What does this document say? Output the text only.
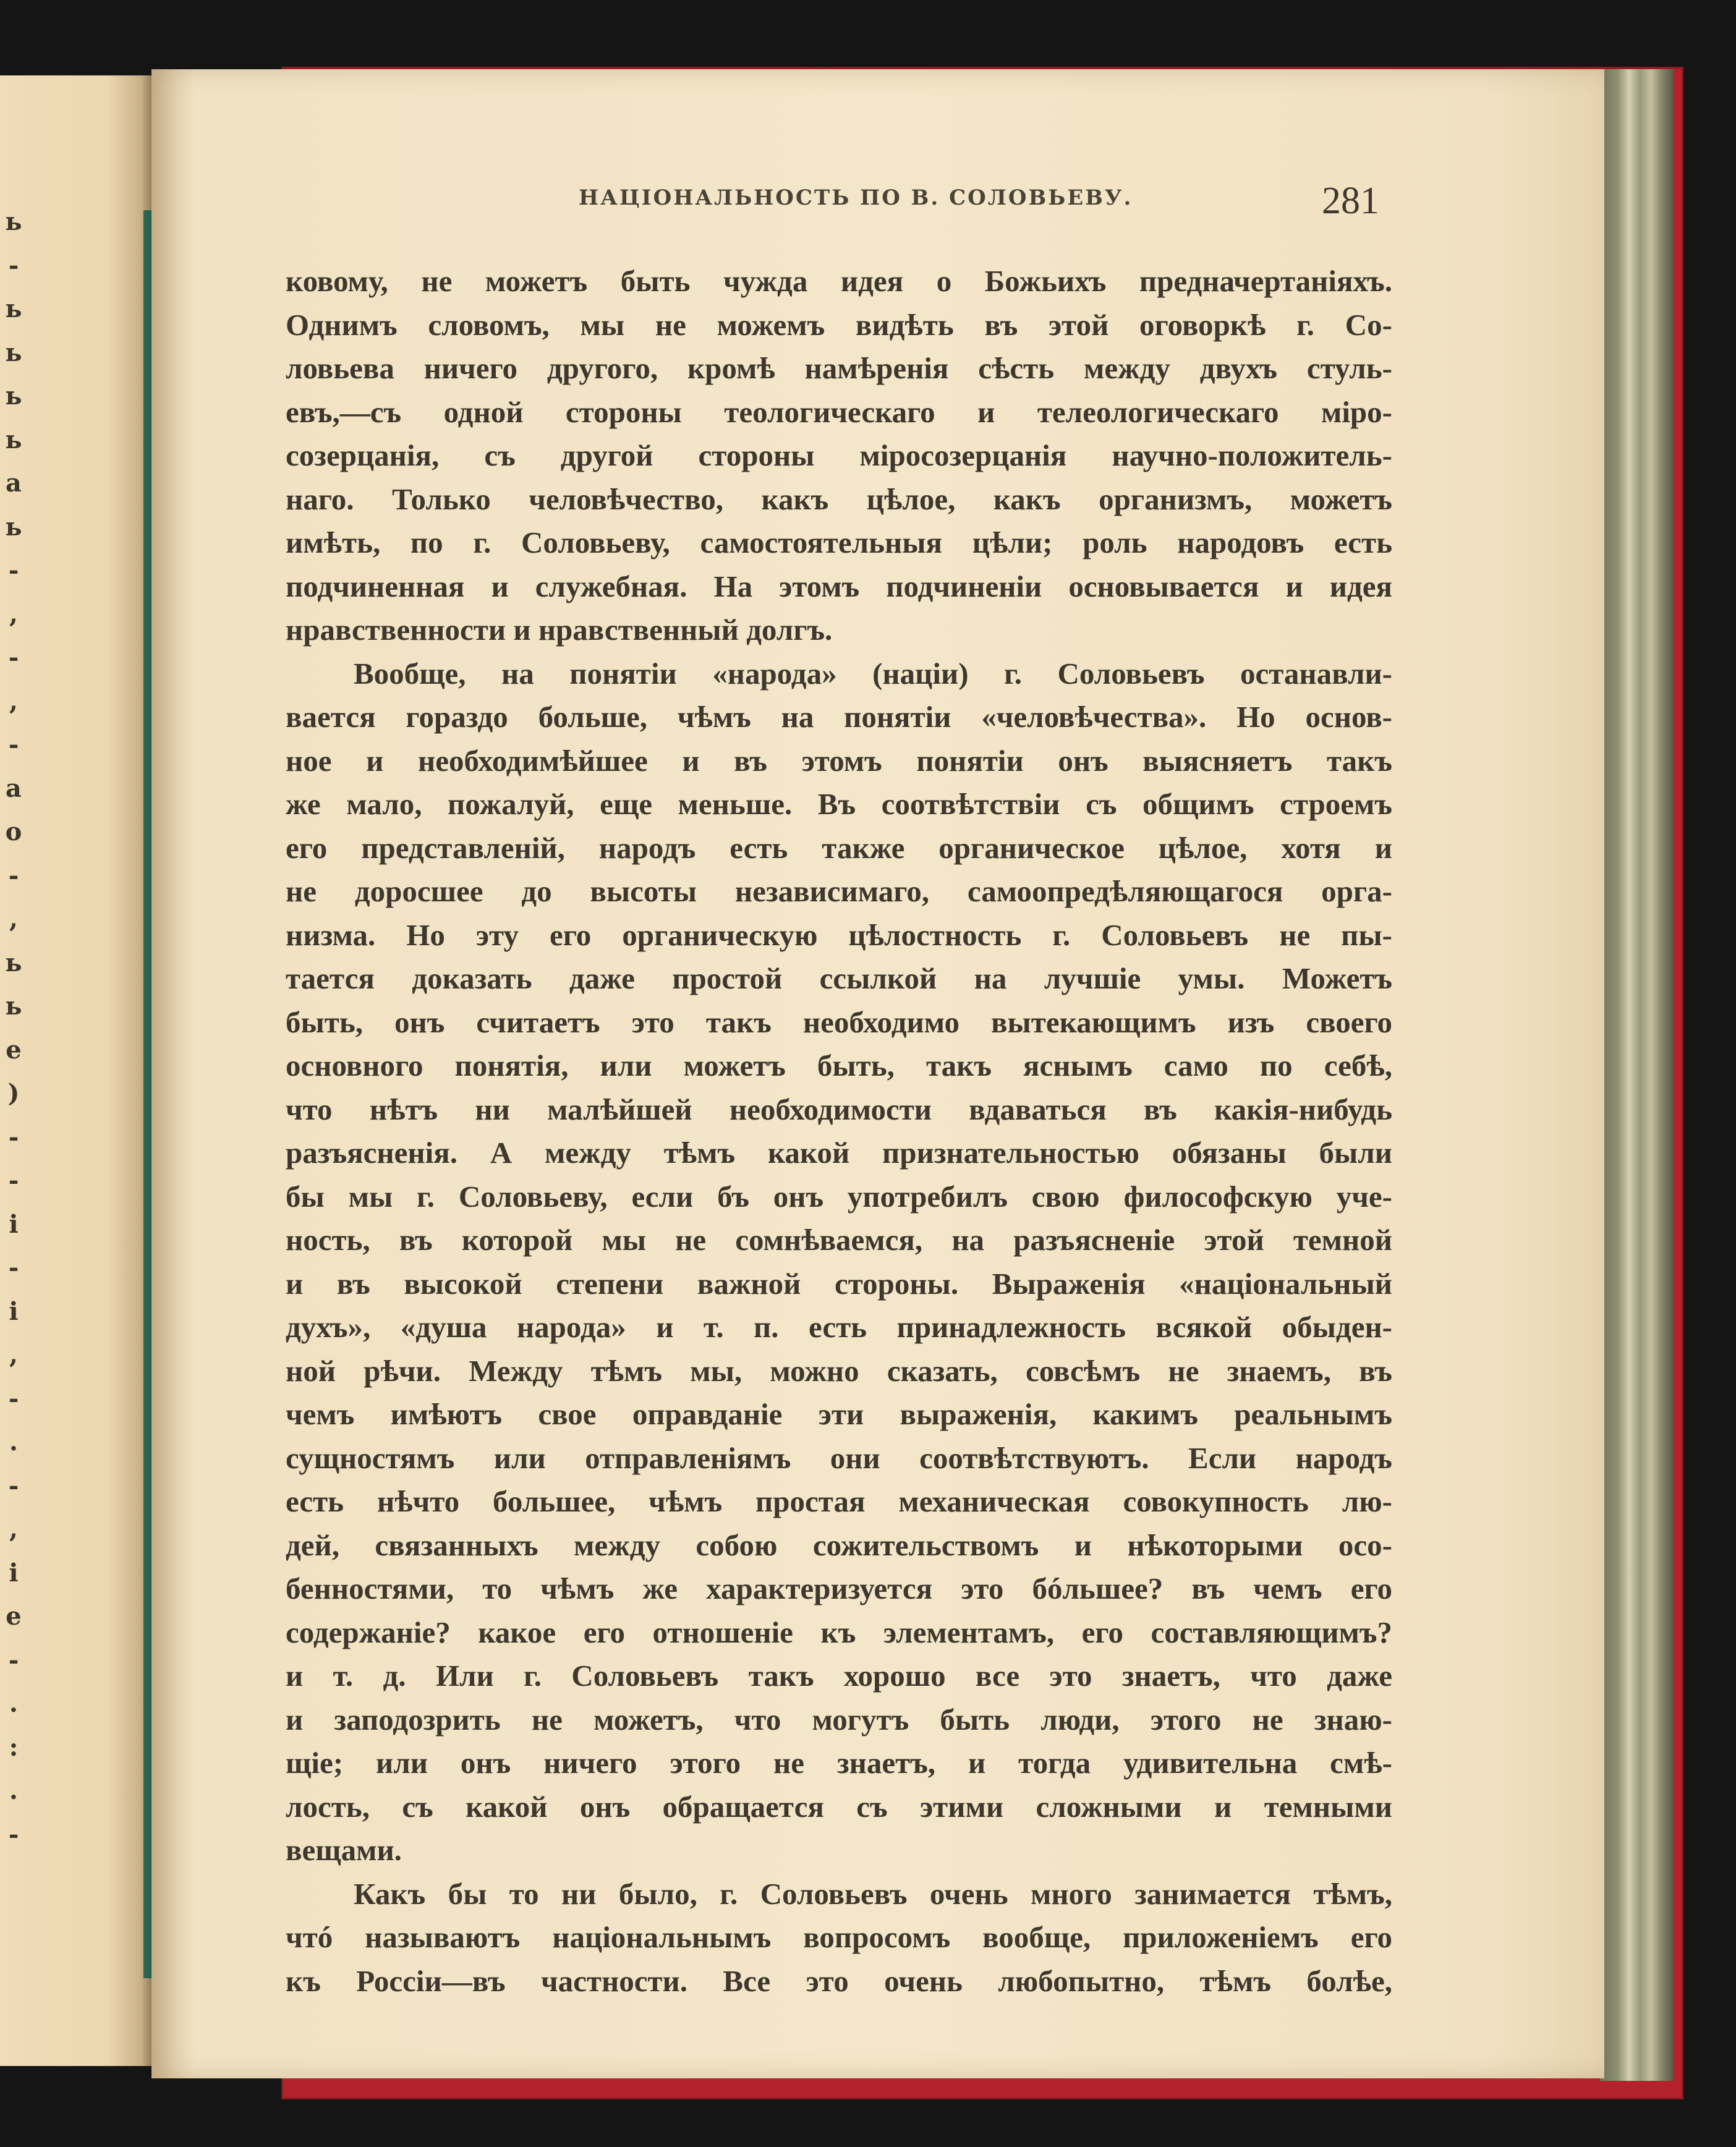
ь
-
ь
ь
ь
ь
а
ь
-
,
-
,
-
а
о
-
,
ь
ь
е
)
-
-
і
-
і
,
-
.
-
,
і
е
-
.
:
.
-
НАЦІОНАЛЬНОСТЬ ПО В. СОЛОВЬЕВУ.	281
ковому, не можетъ быть чужда идея о Божьихъ предначертаніяхъ.
Однимъ словомъ, мы не можемъ видѣть въ этой оговоркѣ г. Со-
ловьева ничего другого, кромѣ намѣренія сѣсть между двухъ стуль-
евъ,—съ одной стороны теологическаго и телеологическаго міро-
созерцанія, съ другой стороны міросозерцанія научно-положитель-
наго. Только человѣчество, какъ цѣлое, какъ организмъ, можетъ
имѣть, по г. Соловьеву, самостоятельныя цѣли; роль народовъ есть
подчиненная и служебная. На этомъ подчиненіи основывается и идея
нравственности и нравственный долгъ.
Вообще, на понятіи «народа» (націи) г. Соловьевъ останавли-
вается гораздо больше, чѣмъ на понятіи «человѣчества». Но основ-
ное и необходимѣйшее и въ этомъ понятіи онъ выясняетъ такъ
же мало, пожалуй, еще меньше. Въ соотвѣтствіи съ общимъ строемъ
его представленій, народъ есть также органическое цѣлое, хотя и
не доросшее до высоты независимаго, самоопредѣляющагося орга-
низма. Но эту его органическую цѣлостность г. Соловьевъ не пы-
тается доказать даже простой ссылкой на лучшіе умы. Можетъ
быть, онъ считаетъ это такъ необходимо вытекающимъ изъ своего
основного понятія, или можетъ быть, такъ яснымъ само по себѣ,
что нѣтъ ни малѣйшей необходимости вдаваться въ какія-нибудь
разъясненія. А между тѣмъ какой признательностью обязаны были
бы мы г. Соловьеву, если бъ онъ употребилъ свою философскую уче-
ность, въ которой мы не сомнѣваемся, на разъясненіе этой темной
и въ высокой степени важной стороны. Выраженія «національный
духъ», «душа народа» и т. п. есть принадлежность всякой обыден-
ной рѣчи. Между тѣмъ мы, можно сказать, совсѣмъ не знаемъ, въ
чемъ имѣютъ свое оправданіе эти выраженія, какимъ реальнымъ
сущностямъ или отправленіямъ они соотвѣтствуютъ. Если народъ
есть нѣчто большее, чѣмъ простая механическая совокупность лю-
дей, связанныхъ между собою сожительствомъ и нѣкоторыми осо-
бенностями, то чѣмъ же характеризуется это бóльшее? въ чемъ его
содержаніе? какое его отношеніе къ элементамъ, его составляющимъ?
и т. д. Или г. Соловьевъ такъ хорошо все это знаетъ, что даже
и заподозрить не можетъ, что могутъ быть люди, этого не знаю-
щіе; или онъ ничего этого не знаетъ, и тогда удивительна смѣ-
лость, съ какой онъ обращается съ этими сложными и темными
вещами.
Какъ бы то ни было, г. Соловьевъ очень много занимается тѣмъ,
чтó называютъ національнымъ вопросомъ вообще, приложеніемъ его
къ Россіи—въ частности. Все это очень любопытно, тѣмъ болѣе,
